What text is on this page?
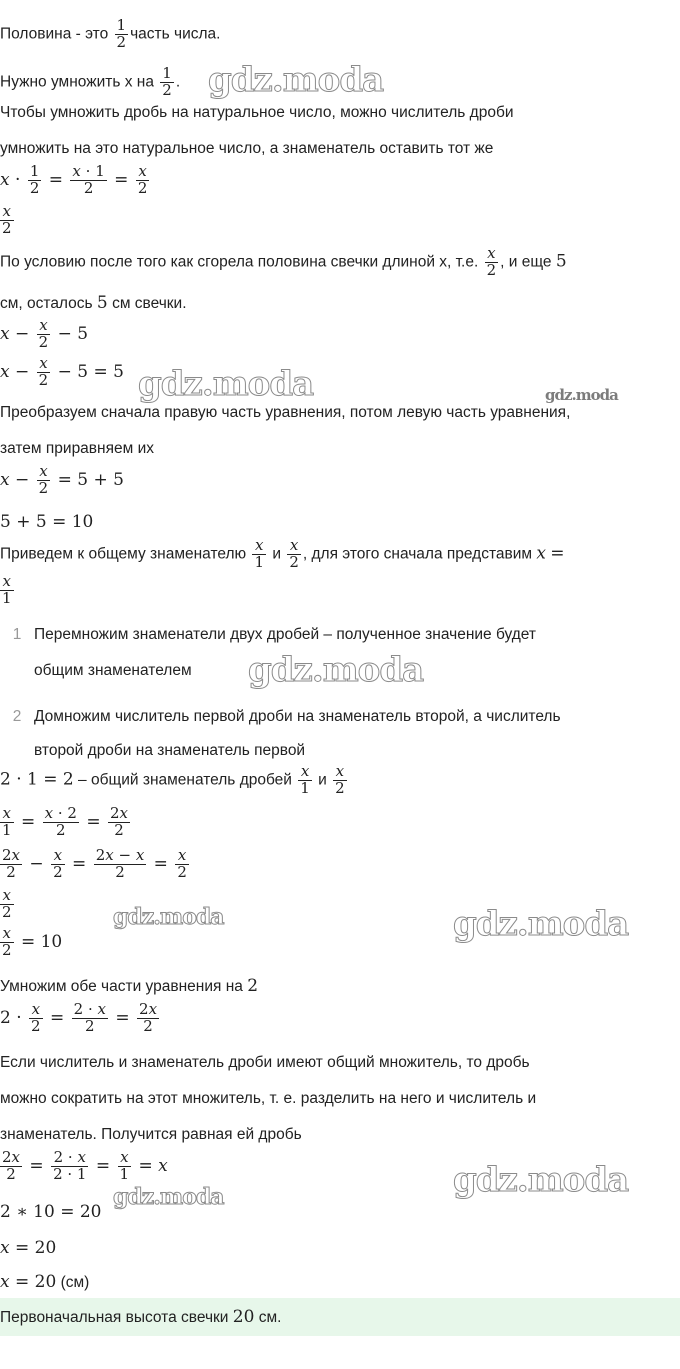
Половина - это $\frac{1}{2}$ часть числа.
Нужно умножить x на $\frac{1}{2}$ . gdz.moda
Чтобы умножить дробь на натуральное число, можно числитель дроби
умножить на это натуральное число, а знаменатель оставить тот же
$x \cdot \frac{1}{2} = \frac{x \cdot 1}{2} = \frac{x}{2}$
$\frac{x}{2}$
По условию после того как сгорела половина свечки длиной x, т.е. $\frac{x}{2}$ , и еще 5
см, осталось 5 см свечки.
$x - \frac{x}{2} - 5$
$x - \frac{x}{2} - 5 = 5$ gdz.moda	gdz.moda
Преобразуем сначала правую часть уравнения, потом левую часть уравнения,
затем приравняем их
$x - \frac{x}{2} = 5 + 5$
5 + 5 = 10
Приведем к общему знаменателю $\frac{x}{1}$ и $\frac{x}{2}$ , для этого сначала представим x =
$\frac{x}{1}$
1 Перемножим знаменатели двух дробей – полученное значение будет
общим знаменателем gdz.moda
2 Домножим числитель первой дроби на знаменатель второй, а числитель
второй дроби на знаменатель первой
2 · 1 = 2 – общий знаменатель дробей $\frac{x}{1}$ и $\frac{x}{2}$
$\frac{x}{1} = \frac{x \cdot 2}{2} = \frac{2x}{2}$
$\frac{2x}{2} - \frac{x}{2} = \frac{2x - x}{2} = \frac{x}{2}$
$\frac{x}{2}$	gdz.moda	gdz.moda
$\frac{x}{2} = 10$
Умножим обе части уравнения на 2
$2 \cdot \frac{x}{2} = \frac{2 \cdot x}{2} = \frac{2x}{2}$
Если числитель и знаменатель дроби имеют общий множитель, то дробь
можно сократить на этот множитель, т. е. разделить на него и числитель и
знаменатель. Получится равная ей дробь
$\frac{2x}{2} = \frac{2 \cdot x}{2 \cdot 1} = \frac{x}{1} = x$
gdz.moda	gdz.moda
2 ∗ 10 = 20
x = 20
x = 20 (см)
Первоначальная высота свечки 20 см.
